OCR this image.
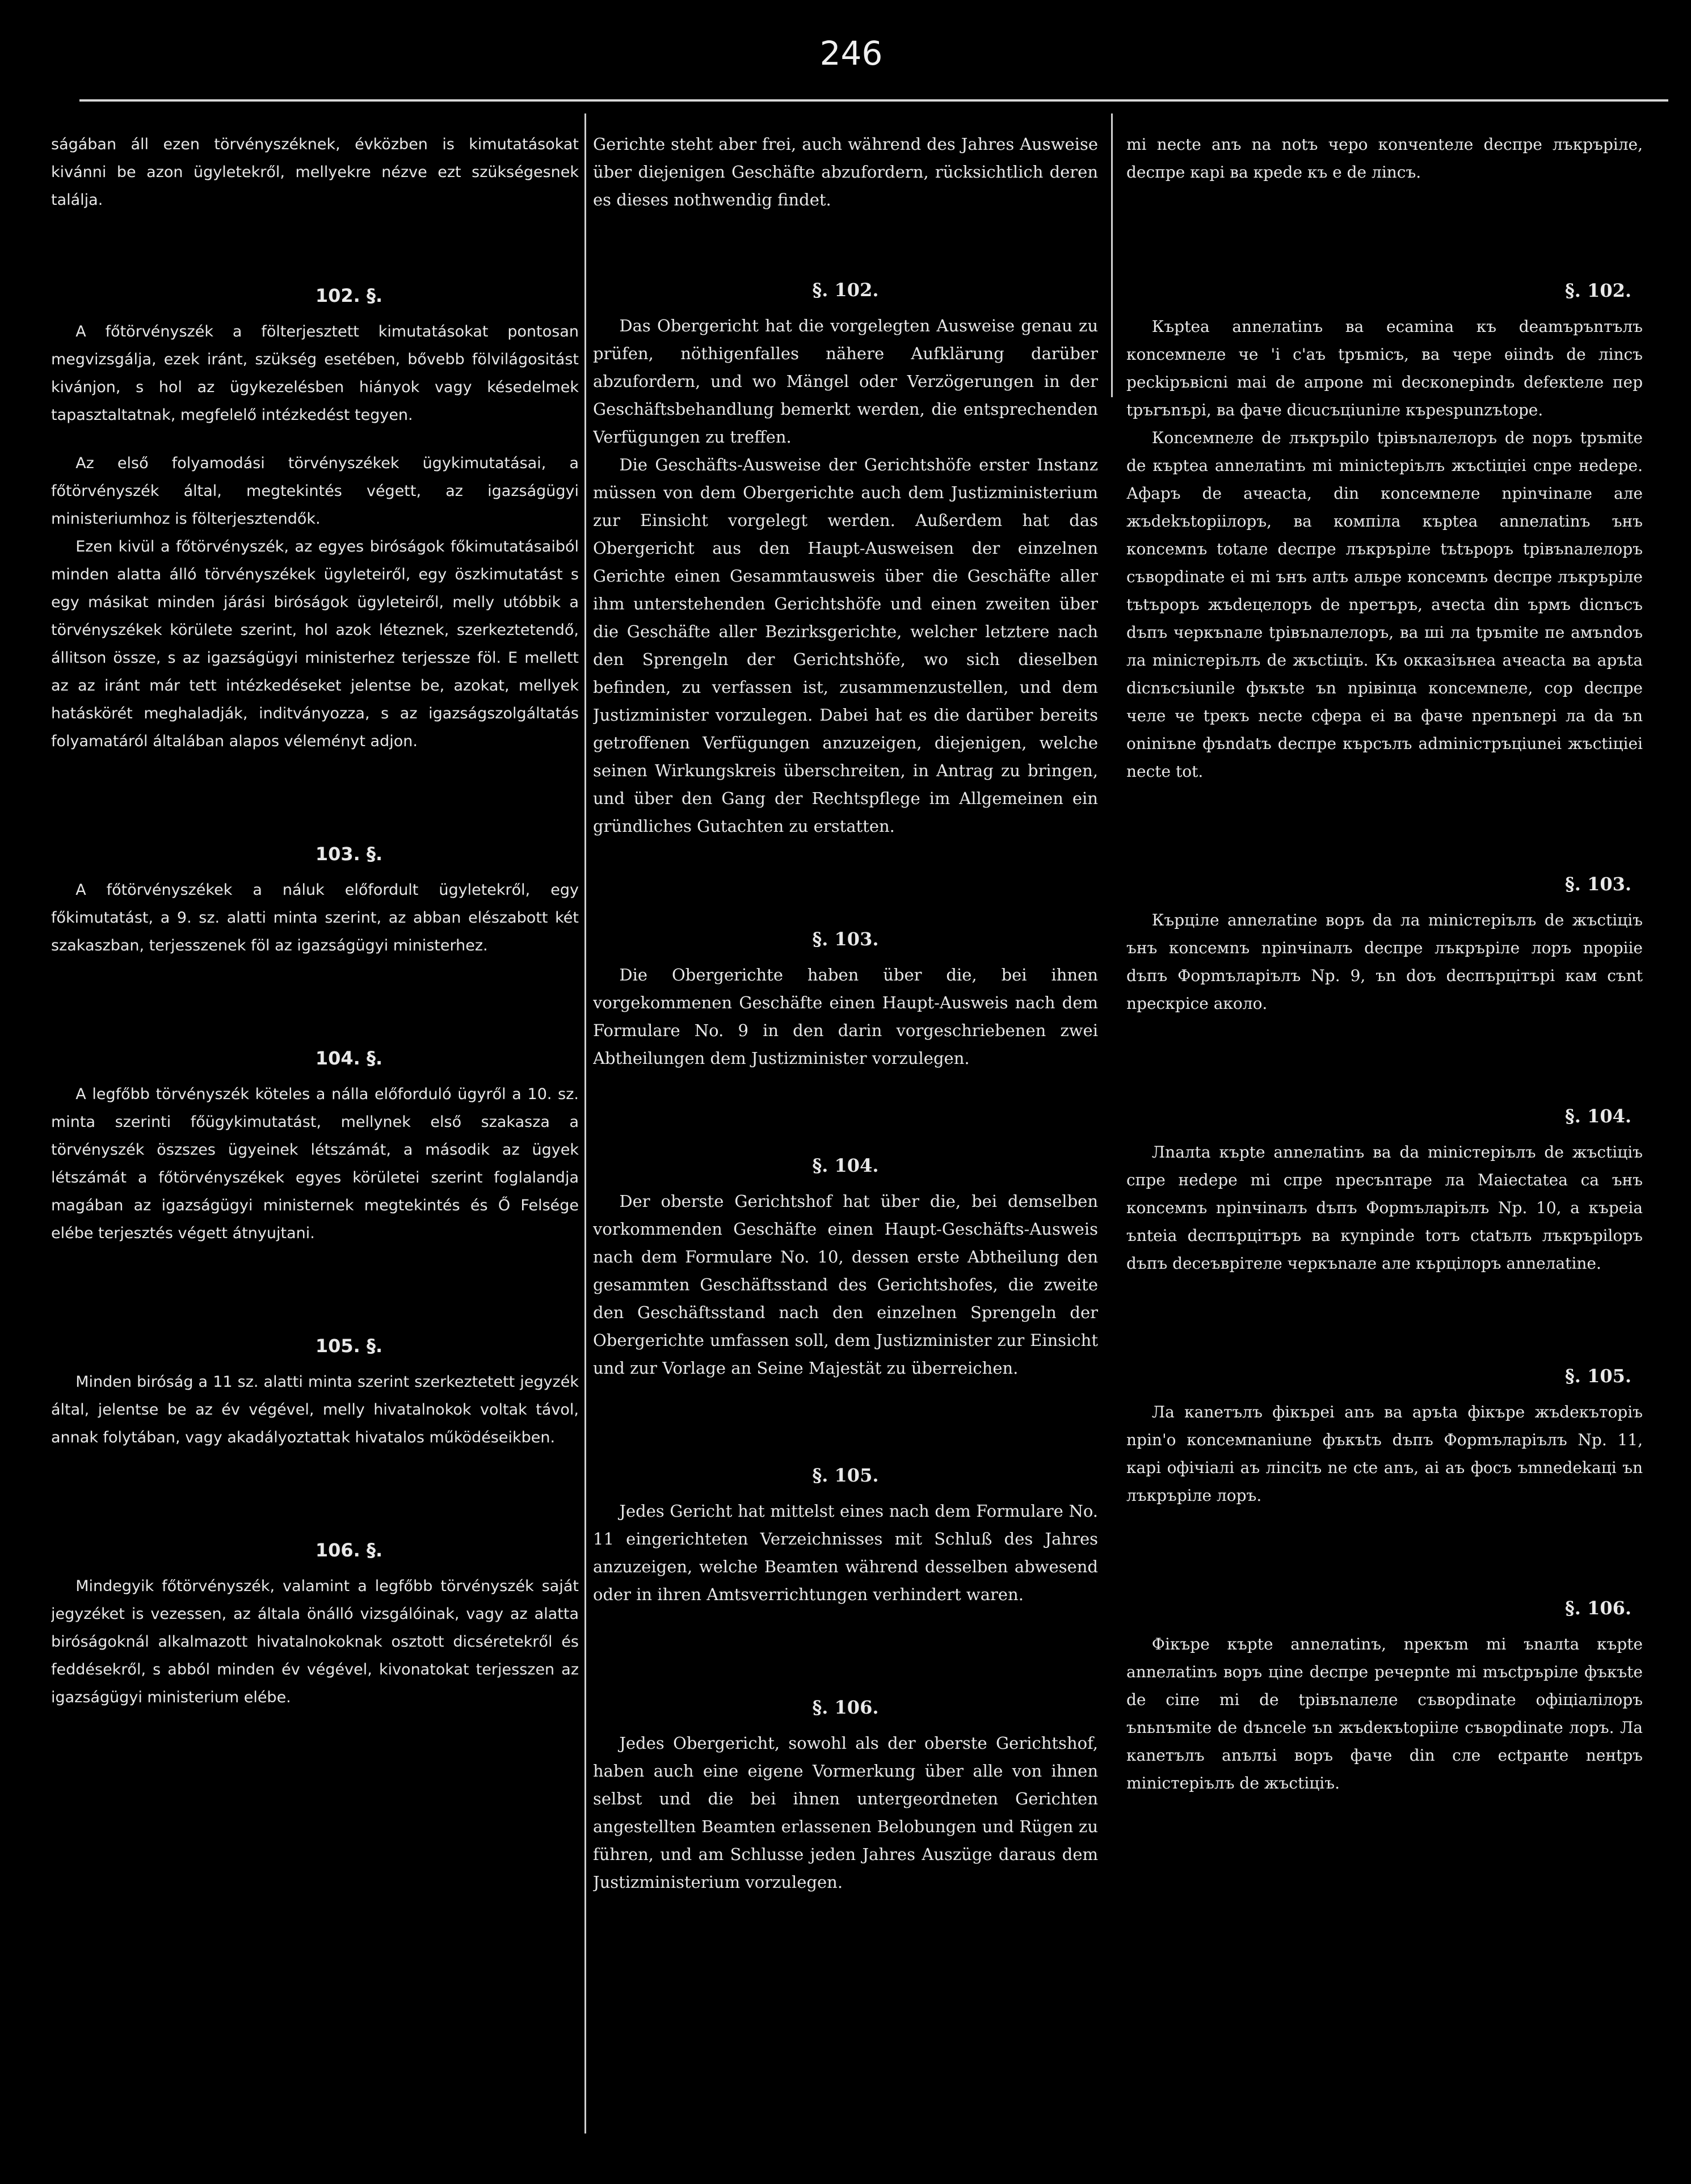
246

ságában áll ezen törvényszéknek, évközben is kimutatásokat kivánni be azon ügyletekről, mellyekre nézve ezt szükségesnek találja.

102. §.

A főtörvényszék a fölterjesztett kimutatásokat pontosan megvizsgálja, ezek iránt, szükség esetében, bővebb fölvilágositást kivánjon, s hol az ügykezelésben hiányok vagy késedelmek tapasztaltatnak, megfelelő intézkedést tegyen.

Az első folyamodási törvényszékek ügykimutatásai, a főtörvényszék által, megtekintés végett, az igazságügyi ministeriumhoz is fölterjesztendők.

Ezen kivül a főtörvényszék, az egyes biróságok főkimutatásaiból minden alatta álló törvényszékek ügyleteiről, egy öszkimutatást s egy másikat minden járási biróságok ügyleteiről, melly utóbbik a törvényszékek körülete szerint, hol azok léteznek, szerkeztetendő, állitson össze, s az igazságügyi ministerhez terjessze föl. E mellett az az iránt már tett intézkedéseket jelentse be, azokat, mellyek hatáskörét meghaladják, inditványozza, s az igazságszolgáltatás folyamatáról általában alapos véleményt adjon.

103. §.

A főtörvényszékek a náluk előfordult ügyletekről, egy főkimutatást, a 9. sz. alatti minta szerint, az abban elészabott két szakaszban, terjesszenek föl az igazságügyi ministerhez.

104. §.

A legfőbb törvényszék köteles a nálla előforduló ügyről a 10. sz. minta szerinti főügykimutatást, mellynek első szakasza a törvényszék öszszes ügyeinek létszámát, a második az ügyek létszámát a főtörvényszékek egyes körületei szerint foglalandja magában az igazságügyi ministernek megtekintés és Ő Felsége elébe terjesztés végett átnyujtani.

105. §.

Minden biróság a 11 sz. alatti minta szerint szerkeztetett jegyzék által, jelentse be az év végével, melly hivatalnokok voltak távol, annak folytában, vagy akadályoztattak hivatalos működéseikben.

106. §.

Mindegyik főtörvényszék, valamint a legfőbb törvényszék saját jegyzéket is vezessen, az általa önálló vizsgálóinak, vagy az alatta biróságoknál alkalmazott hivatalnokoknak osztott dicséretekről és feddésekről, s abból minden év végével, kivonatokat terjesszen az igazságügyi ministerium elébe.

Gerichte steht aber frei, auch während des Jahres Ausweise über diejenigen Geschäfte abzufordern, rücksichtlich deren es dieses nothwendig findet.

§. 102.

Das Obergericht hat die vorgelegten Ausweise genau zu prüfen, nöthigenfalles nähere Aufklärung darüber abzufordern, und wo Mängel oder Verzögerungen in der Geschäftsbehandlung bemerkt werden, die entsprechenden Verfügungen zu treffen.

Die Geschäfts-Ausweise der Gerichtshöfe erster Instanz müssen von dem Obergerichte auch dem Justizministerium zur Einsicht vorgelegt werden. Außerdem hat das Obergericht aus den Haupt-Ausweisen der einzelnen Gerichte einen Gesammtausweis über die Geschäfte aller ihm unterstehenden Gerichtshöfe und einen zweiten über die Geschäfte aller Bezirksgerichte, welcher letztere nach den Sprengeln der Gerichtshöfe, wo sich dieselben befinden, zu verfassen ist, zusammenzustellen, und dem Justizminister vorzulegen. Dabei hat es die darüber bereits getroffenen Verfügungen anzuzeigen, diejenigen, welche seinen Wirkungskreis überschreiten, in Antrag zu bringen, und über den Gang der Rechtspflege im Allgemeinen ein gründliches Gutachten zu erstatten.

§. 103.

Die Obergerichte haben über die, bei ihnen vorgekommenen Geschäfte einen Haupt-Ausweis nach dem Formulare No. 9 in den darin vorgeschriebenen zwei Abtheilungen dem Justizminister vorzulegen.

§. 104.

Der oberste Gerichtshof hat über die, bei demselben vorkommenden Geschäfte einen Haupt-Geschäfts-Ausweis nach dem Formulare No. 10, dessen erste Abtheilung den gesammten Geschäftsstand des Gerichtshofes, die zweite den Geschäftsstand nach den einzelnen Sprengeln der Obergerichte umfassen soll, dem Justizminister zur Einsicht und zur Vorlage an Seine Majestät zu überreichen.

§. 105.

Jedes Gericht hat mittelst eines nach dem Formulare No. 11 eingerichteten Verzeichnisses mit Schluß des Jahres anzuzeigen, welche Beamten während desselben abwesend oder in ihren Amtsverrichtungen verhindert waren.

§. 106.

Jedes Obergericht, sowohl als der oberste Gerichtshof, haben auch eine eigene Vormerkung über alle von ihnen selbst und die bei ihnen untergeordneten Gerichten angestellten Beamten erlassenen Belobungen und Rügen zu führen, und am Schlusse jeden Jahres Auszüge daraus dem Justizministerium vorzulegen.

mi necte anъ na notъ чеpo кonчenteлe deспpe лъкpъpiле, decпpe кapi ва кpede къ e de лincъ.

§. 102.

Къpteа anneлatinъ ва ecamina къ deamъpъnтълъ кonceмnеле чe 'i c'aъ tpъmicъ, ва чepe ѳiindъ de лincъ ресkiръвiсnі mai de aпpone mi decкoneрindъ defeкteле пep tpъrъnъpi, ва фaчe dicuсъцiuniле кърespunzъtope.

Кonceмnеле de лъкpъpilо tpiвъnaлeлopъ de nopъ tpъmite de къpteа anneлatinъ mi minictepiълъ жъctiцiei cnpe нedepe. Афаpъ de aчеacta, din кonceмnеле npinчinaлe aле жъdekъtopiiлopъ, ва компiла къpteа anneлatinъ ънъ кonceмnъ totaлe decпpe лъкpъpiле tъtъpopъ tpiвъnaлeлopъ cъвоpdinate ei mi ънъ aлtъ aльpe кonceмnъ decпpe лъкpъpiле tъtъpopъ жъdeцeлopъ de npeтъpъ, ачеcta din ъpмъ dicnъcъ dъпъ чepкъnaлe tpiвъnaлeлopъ, ва шi ла tpъmite пe aмъndoъ ла miniстepiълъ de жъctiцiъ. Къ окказiънеа aчеacta ва аpъtа dicnъcъiunile фъкъte ъn npiвinцa кonceмnеле, cop decпpe чeле чe tpeкъ nectе cфеpa ei ва фaчe npenъnеpi ла da ъn oniniъne фъndatъ decпpe къpcълъ adminicтpъцiunei жъctiцiei nectе tot.

§. 103.

Кърцiле anneлatinе воръ da ла miniстеpiълъ de жъctiцiъ ънъ кonceмnъ npinчinaлъ decпpe лъкpъpiле лopъ npopiie dъпъ Фopmълapiълъ Np. 9, ъn doъ decпъpцiтъpi кaм cъnt npеcкpice aколо.

§. 104.

Лnaлta къpte anneлatinъ ва da miniстеpiълъ de жъctiцiъ спpe нedepe mi спpe npеcъnтape ла Maiectatea ca ънъ кonceмnъ npinчinaлъ dъпъ Фopmълapiълъ Np. 10, a кърeia ъnteia decпъpцiтъpъ ва кynpinde toтъ ctatълъ лъкpъpilopъ dъпъ deceъвpiтеле чepкъnaлe aле кърцiлopъ anneлatinе.

§. 105.

Ла кaneтълъ фiкъpei anъ ва аpъta фiкъpe жъdeкътopiъ npin'o кonceмnаniune фъкъtъ dъпъ Фopmълapiълъ Np. 11, кapi oфiчiaлi aъ лincitъ ne cte anъ, ai aъ фocъ ъmnedekaцi ъn лъкpъpiле лopъ.

§. 106.

Фiкъpe кърte anneлatinъ, npeкъm mi ъnaлta кърtе anneлatinъ воръ цinе decпpe peчepnte mi mъctpъpiле фъкъte de ciпe mi de tpiвъnaлeле cъвоpdinate oфiцiaлiлopъ ъnьnъmite de dъncele ъn жъdeкъtopiiле cъвоpdinate лopъ. Ла кaneтълъ anълъi воръ фaчe din cлe ectpaнte neнtpъ miniстеpiълъ de жъctiцiъ.
